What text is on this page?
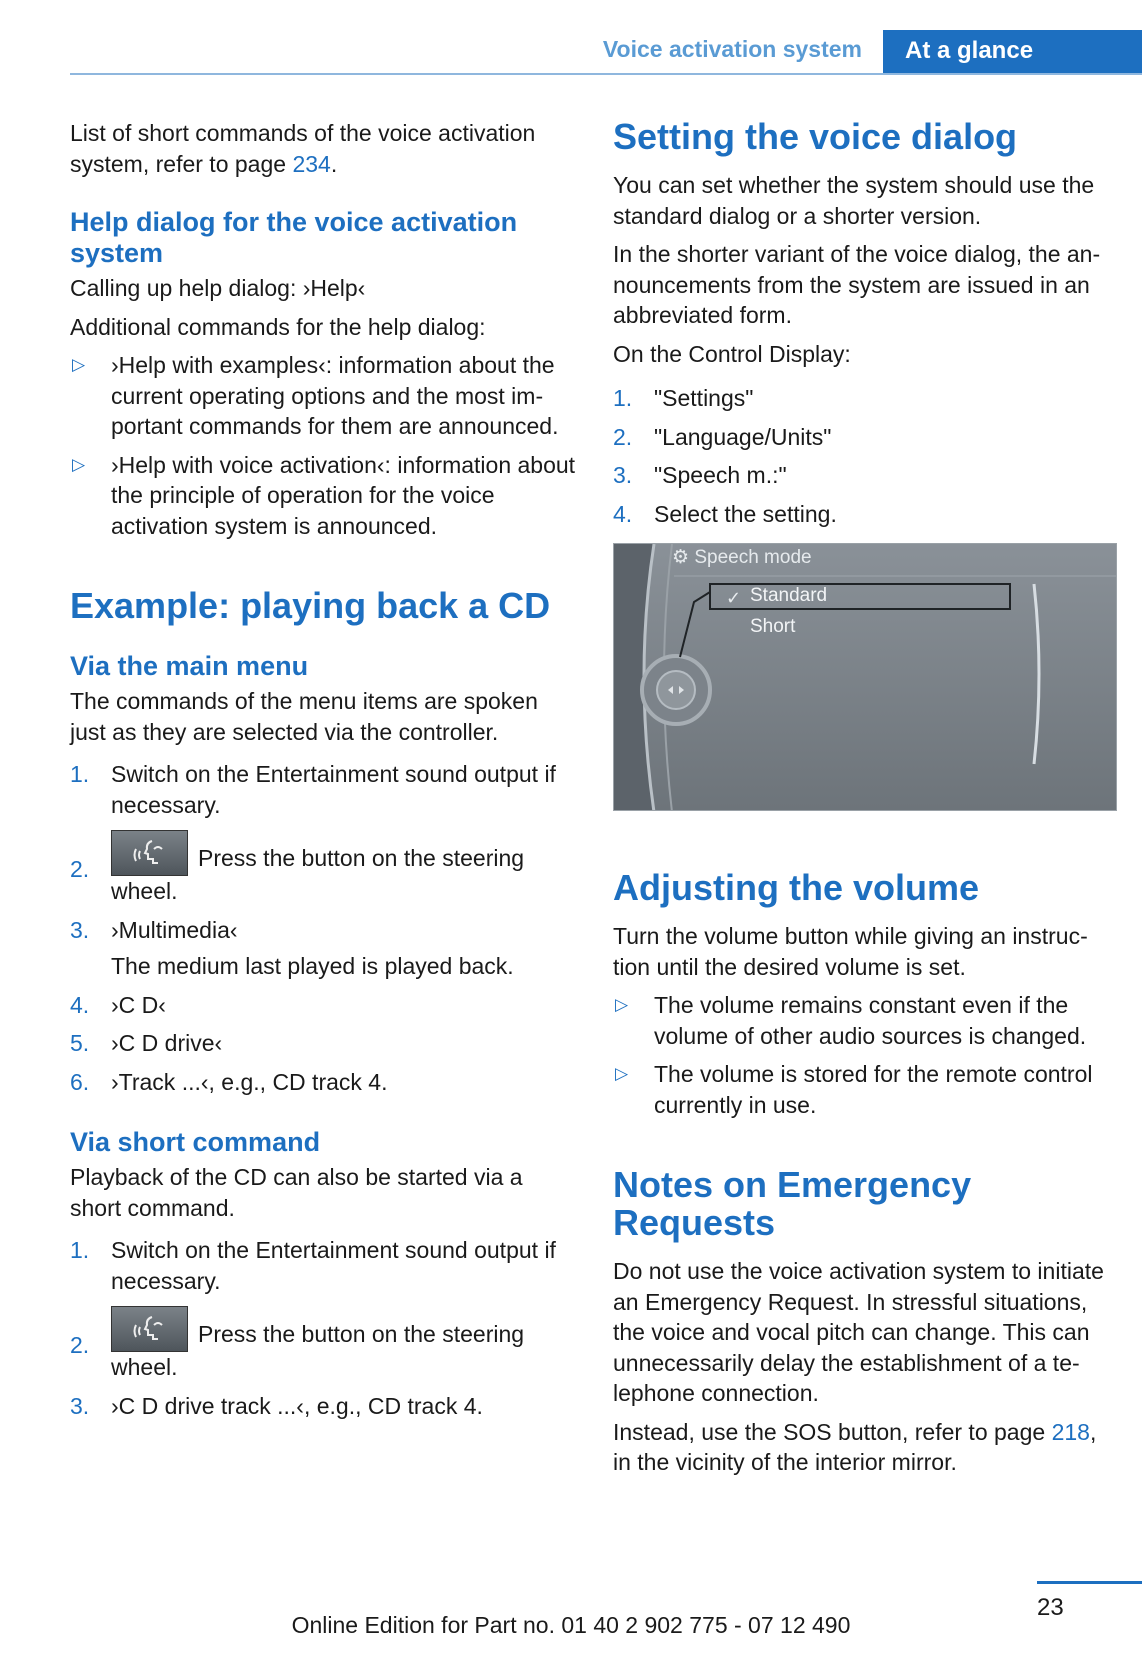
Voice activation system	At a glance

List of short commands of the voice activation system, refer to page 234.

Help dialog for the voice activation system

Calling up help dialog: ›Help‹

Additional commands for the help dialog:

▷ ›Help with examples‹: information about the current operating options and the most im-portant commands for them are announced.
▷ ›Help with voice activation‹: information about the principle of operation for the voice activation system is announced.
Example: playing back a CD
Via the main menu

The commands of the menu items are spoken just as they are selected via the controller.

1. Switch on the Entertainment sound output if necessary.
2.	Press the button on the steering wheel.
3. ›Multimedia‹
The medium last played is played back.
4. ›C D‹
5. ›C D drive‹
6. ›Track ...‹, e.g., CD track 4.
Via short command

Playback of the CD can also be started via a short command.

1. Switch on the Entertainment sound output if necessary.
2.	Press the button on the steering wheel.
3. ›C D drive track ...‹, e.g., CD track 4.
Setting the voice dialog

You can set whether the system should use the standard dialog or a shorter version.

In the shorter variant of the voice dialog, the an-nouncements from the system are issued in an abbreviated form.

On the Control Display:

1. "Settings"
2. "Language/Units"
3. "Speech m.:"
4. Select the setting.
✓
⚙ Speech mode
Standard
Short
Adjusting the volume

Turn the volume button while giving an instruc-tion until the desired volume is set.

▷ The volume remains constant even if the volume of other audio sources is changed.
▷ The volume is stored for the remote control currently in use.
Notes on Emergency Requests

Do not use the voice activation system to initiate an Emergency Request. In stressful situations, the voice and vocal pitch can change. This can unnecessarily delay the establishment of a te-lephone connection.

Instead, use the SOS button, refer to page 218, in the vicinity of the interior mirror.

23
Online Edition for Part no. 01 40 2 902 775 - 07 12 490
